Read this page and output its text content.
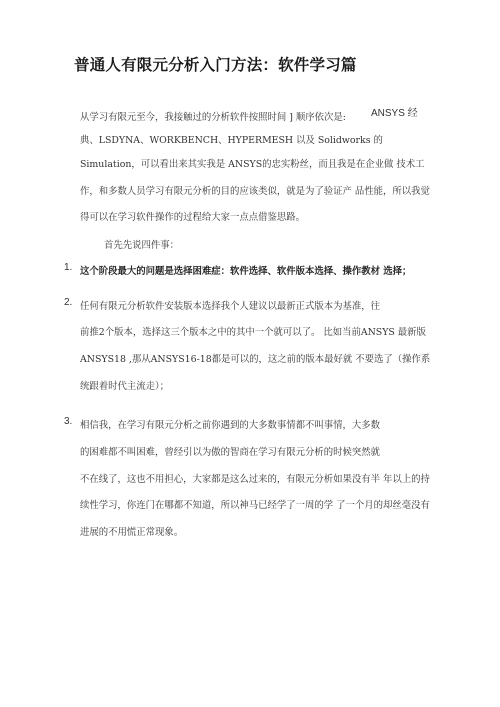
普通人有限元分析入门方法：软件学习篇
从学习有限元至今，我接触过的分析软件按照时间 ] 顺序依次是:	ANSYS 经
典、LSDYNA、WORKBENCH、HYPERMESH 以及 Solidworks 的
Simulation，可以看出来其实我是 ANSYS的忠实粉丝，而且我是在企业做 技术工
作，和多数人员学习有限元分析的目的应该类似，就是为了验证产 品性能，所以我觉
得可以在学习软件操作的过程给大家一点点借鉴思路。
首先先说四件事：
1. 这个阶段最大的问题是选择困难症：软件选择、软件版本选择、操作教材 选择；
2. 任何有限元分析软件安装版本选择我个人建议以最新正式版本为基准，往
前推2个版本，选择这三个版本之中的其中一个就可以了。 比如当前ANSYS 最新版
ANSYS18 ,那从ANSYS16-18都是可以的，这之前的版本最好就 不要选了（操作系
统跟着时代主流走）；
3. 相信我，在学习有限元分析之前你遇到的大多数事情都不叫事情，大多数
的困难都不叫困难，曾经引以为傲的智商在学习有限元分析的时候突然就
不在线了，这也不用担心，大家都是这么过来的，有限元分析如果没有半 年以上的持
续性学习，你连门在哪都不知道，所以神马已经学了一周的学 了一个月的却丝毫没有
进展的不用慌正常现象。
